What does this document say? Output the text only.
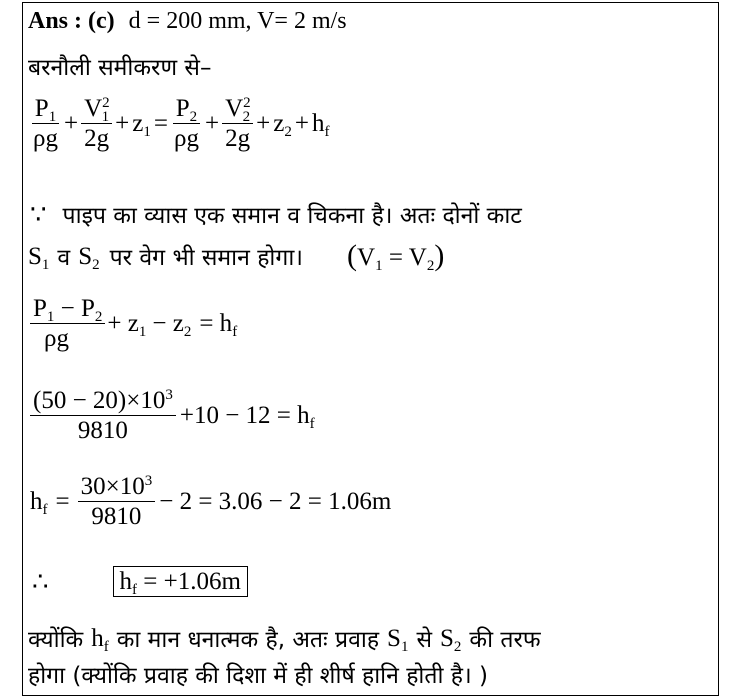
Ans : (c) d = 200 mm, V= 2 m/s
बरनौली समीकरण से–
$\frac{P_1}{\rho g} + \frac{V^2_1}{2g} + z_1 = \frac{P_2}{\rho g} + \frac{V^2_2}{2g} + z_2 + h_f$
∵ पाइप का व्यास एक समान व चिकना है। अतः दोनों काट
$S_1$ व $S_2$ पर वेग भी समान होगा। $(V_1 = V_2)$
$\frac{P_1 - P_2}{\rho g} + z_1 - z_2 = h_f$
$\frac{(50 - 20)\times 10^3}{9810} +10 - 12 = h_f$
$h_f = \frac{30\times 10^3}{9810} - 2 = 3.06 - 2 = 1.06m$
∴	$h_f = +1.06m$
क्योंकि $h_f$ का मान धनात्मक है, अतः प्रवाह $S_1$ से $S_2$ की तरफ
होगा (क्योंकि प्रवाह की दिशा में ही शीर्ष हानि होती है। )
